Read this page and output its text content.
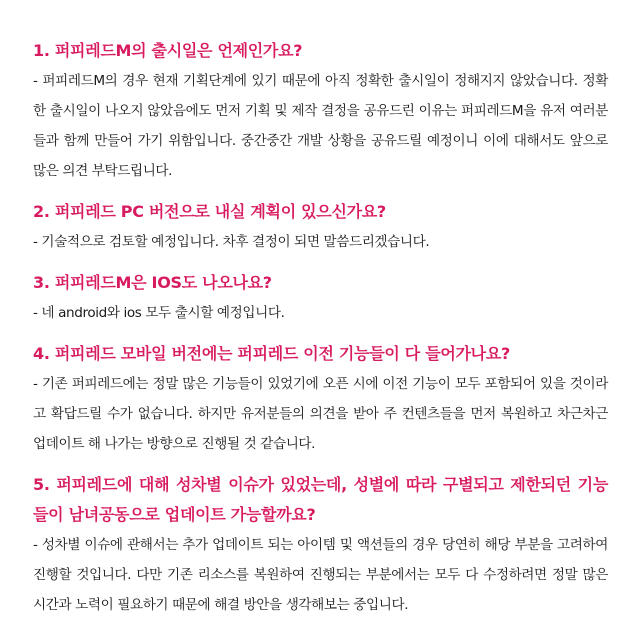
1. 퍼피레드M의 출시일은 언제인가요?

- 퍼피레드M의 경우 현재 기획단계에 있기 때문에 아직 정확한 출시일이 정해지지 않았습니다. 정확한 출시일이 나오지 않았음에도 먼저 기획 및 제작 결정을 공유드린 이유는 퍼피레드M을 유저 여러분들과 함께 만들어 가기 위함입니다. 중간중간 개발 상황을 공유드릴 예정이니 이에 대해서도 앞으로 많은 의견 부탁드립니다.

2. 퍼피레드 PC 버전으로 내실 계획이 있으신가요?

- 기술적으로 검토할 예정입니다. 차후 결정이 되면 말씀드리겠습니다.

3. 퍼피레드M은 IOS도 나오나요?

- 네 android와 ios 모두 출시할 예정입니다.

4. 퍼피레드 모바일 버전에는 퍼피레드 이전 기능들이 다 들어가나요?

- 기존 퍼피레드에는 정말 많은 기능들이 있었기에 오픈 시에 이전 기능이 모두 포함되어 있을 것이라고 확답드릴 수가 없습니다. 하지만 유저분들의 의견을 받아 주 컨텐츠들을 먼저 복원하고 차근차근 업데이트 해 나가는 방향으로 진행될 것 같습니다.

5. 퍼피레드에 대해 성차별 이슈가 있었는데, 성별에 따라 구별되고 제한되던 기능들이 남녀공동으로 업데이트 가능할까요?

- 성차별 이슈에 관해서는 추가 업데이트 되는 아이템 및 액션들의 경우 당연히 해당 부분을 고려하여 진행할 것입니다. 다만 기존 리소스를 복원하여 진행되는 부분에서는 모두 다 수정하려면 정말 많은 시간과 노력이 필요하기 때문에 해결 방안을 생각해보는 중입니다.
